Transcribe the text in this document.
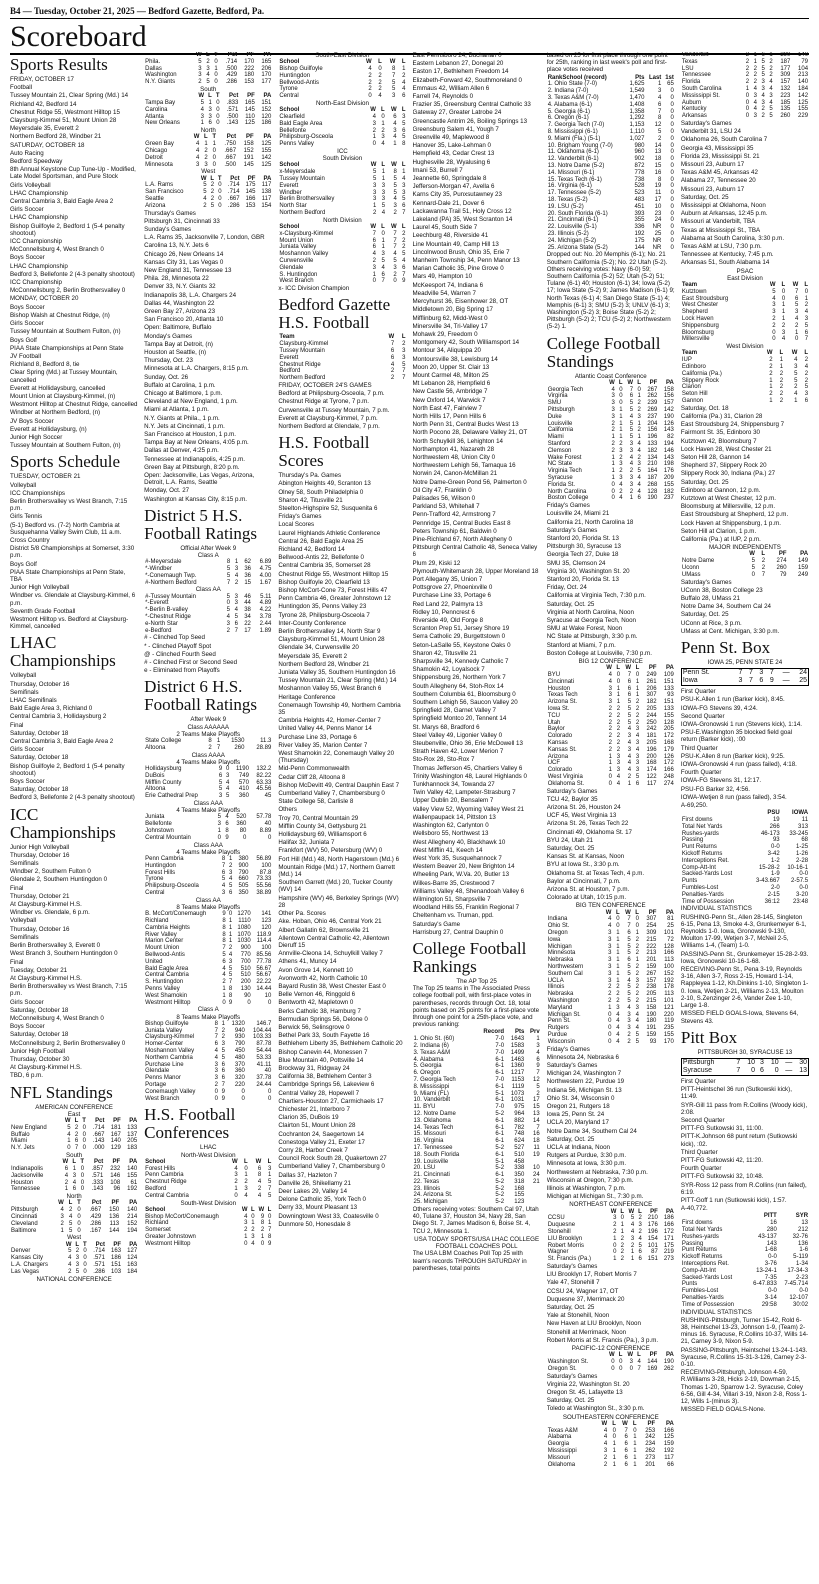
B4 — Tuesday, October 21, 2025 — Bedford Gazette, Bedford, Pa.
Scoreboard
Sports Results

FRIDAY, OCTOBER 17

Football

Tussey Mountain 21, Clear Spring (Md.) 14

Richland 42, Bedford 14

Chestnut Ridge 55, Westmont Hilltop 15

Claysburg-Kimmel 51, Mount Union 28

Meyersdale 35, Everett 2

Northern Bedford 28, Windber 21

SATURDAY, OCTOBER 18

Auto Racing

Bedford Speedway

8th Annual Keystone Cup Tune-Up - Modified, Late Model Sportsman, and Pure Stock

Girls Volleyball

LHAC Championship

Central Cambria 3, Bald Eagle Area 2

Girls Soccer

LHAC Championship

Bishop Guilfoyle 2, Bedford 1 (5-4 penalty shootout)

ICC Championship

McConnellsburg 4, West Branch 0

Boys Soccer

LHAC Championship

Bedford 3, Bellefonte 2 (4-3 penalty shootout)

ICC Championship

McConnellsburg 2, Berlin Brothersvalley 0

MONDAY, OCTOBER 20

Boys Soccer

Bishop Walsh at Chestnut Ridge, (n)

Girls Soccer

Tussey Mountain at Southern Fulton, (n)

Boys Golf

PIAA State Championships at Penn State

JV Football

Richland 8, Bedford 8, tie

Clear Spring (Md.) at Tussey Mountain, cancelled

Everett at Hollidaysburg, cancelled

Mount Union at Claysburg-Kimmel, (n)

Westmont Hilltop at Chestnut Ridge, cancelled

Windber at Northern Bedford, (n)

JV Boys Soccer

Everett at Hollidaysburg, (n)

Junior High Soccer

Tussey Mountain at Southern Fulton, (n)

Sports Schedule

TUESDAY, OCTOBER 21

Volleyball

ICC Championships

Berlin Brothersvalley vs West Branch, 7:15 p.m.

Girls Tennis

(5-1) Bedford vs. (7-2) North Cambria at Susquehanna Valley Swim Club, 11 a.m.

Cross Country

District 5/8 Championships at Somerset, 3:30 p.m.

Boys Golf

PIAA State Championships at Penn State, TBA

Junior High Volleyball

Windber vs. Glendale at Claysburg-Kimmel, 6 p.m.

Seventh Grade Football

Westmont Hilltop vs. Bedford at Claysburg-Kimmel, cancelled

LHAC Championships

Volleyball

Thursday, October 16

Semifinals

LHAC Semifinals

Bald Eagle Area 3, Richland 0

Central Cambria 3, Hollidaysburg 2

Final

Saturday, October 18

Central Cambria 3, Bald Eagle Area 2

Girls Soccer

Saturday, October 18

Bishop Guilfoyle 2, Bedford 1 (5-4 penalty shootout)

Boys Soccer

Saturday, October 18

Bedford 3, Bellefonte 2 (4-3 penalty shootout)

ICC Championships

Junior High Volleyball

Thursday, October 16

Semifinals

Windber 2, Southern Fulton 0

Glendale 2, Southern Huntingdon 0

Final

Thursday, October 21

At Claysburg-Kimmel H.S.

Windber vs. Glendale, 6 p.m.

Volleyball

Thursday, October 16

Semifinals

Berlin Brothersvalley 3, Everett 0

West Branch 3, Southern Huntingdon 0

Final

Tuesday, October 21

At Claysburg-Kimmel H.S.

Berlin Brothersvalley vs West Branch, 7:15 p.m.

Girls Soccer

Saturday, October 18

McConnellsburg 4, West Branch 0

Boys Soccer

Saturday, October 18

McConnellsburg 2, Berlin Brothersvalley 0

Junior High Football

Thursday, October 30

At Claysburg-Kimmel H.S.

TBD, 6 p.m.

NFL Standings
AMERICAN CONFERENCE
East
	W	L	T	Pct	PF	PA
New England	5	2	0	.714	181	133
Buffalo	4	2	0	.667	167	137
Miami	1	6	0	.143	140	205
N.Y. Jets	0	7	0	.000	129	183
South
	W	L	T	Pct	PF	PA
Indianapolis	6	1	0	.857	232	140
Jacksonville	4	3	0	.571	146	155
Houston	2	4	0	.333	108	61
Tennessee	1	6	0	.143	96	192
North
	W	L	T	Pct	PF	PA
Pittsburgh	4	2	0	.667	150	140
Cincinnati	3	4	0	.429	136	214
Cleveland	2	5	0	.286	113	152
Baltimore	1	5	0	.167	144	194
West
	W	L	T	Pct	PF	PA
Denver	5	2	0	.714	163	127
Kansas City	4	3	0	.571	186	124
L.A. Chargers	4	3	0	.571	151	163
Las Vegas	2	5	0	.286	103	184
NATIONAL CONFERENCE
	W	L	T	Pct	PF	PA
Phila.	5	2	0	.714	170	165
Dallas	3	3	1	.500	222	206
Washington	3	4	0	.429	180	170
N.Y. Giants	2	5	0	.286	153	177
South
	W	L	T	Pct	PF	PA
Tampa Bay	5	1	0	.833	165	151
Carolina	4	3	0	.571	145	152
Atlanta	3	3	0	.500	110	120
New Orleans	1	6	0	.143	125	186
North
	W	L	T	Pct	PF	PA
Green Bay	4	1	1	.750	158	125
Chicago	4	2	0	.667	152	155
Detroit	4	2	0	.667	191	142
Minnesota	3	3	0	.500	145	125
West
	W	L	T	Pct	PF	PA
L.A. Rams	5	2	0	.714	175	117
San Francisco	5	2	0	.714	145	138
Seattle	4	2	0	.667	166	117
Arizona	2	5	0	.286	153	154

Thursday's Games

Pittsburgh 31, Cincinnati 33

Sunday's Games

L.A. Rams 35, Jacksonville 7, London, GBR

Carolina 13, N.Y. Jets 6

Chicago 26, New Orleans 14

Kansas City 31, Las Vegas 0

New England 31, Tennessee 13

Phila. 28, Minnesota 22

Denver 33, N.Y. Giants 32

Indianapolis 38, L.A. Chargers 24

Dallas 44, Washington 22

Green Bay 27, Arizona 23

San Francisco 20, Atlanta 10

Open: Baltimore, Buffalo

Monday's Games

Tampa Bay at Detroit, (n)

Houston at Seattle, (n)

Thursday, Oct. 23

Minnesota at L.A. Chargers, 8:15 p.m.

Sunday, Oct. 26

Buffalo at Carolina, 1 p.m.

Chicago at Baltimore, 1 p.m.

Cleveland at New England, 1 p.m.

Miami at Atlanta, 1 p.m.

N.Y. Giants at Phila., 1 p.m.

N.Y. Jets at Cincinnati, 1 p.m.

San Francisco at Houston, 1 p.m.

Tampa Bay at New Orleans, 4:05 p.m.

Dallas at Denver, 4:25 p.m.

Tennessee at Indianapolis, 4:25 p.m.

Green Bay at Pittsburgh, 8:20 p.m.

Open: Jacksonville, Las Vegas, Arizona, Detroit, L.A. Rams, Seattle

Monday, Oct. 27

Washington at Kansas City, 8:15 p.m.

District 5 H.S. Football Ratings
Official After Week 9
Class A
#-Meyersdale	8	1	62	6.89
*-Windber	5	3	36	4.75
*-Conemaugh Twp.	5	4	36	4.00
#-Northern Bedford	7	2	15	1.67
Class AA
#-Tussey Mountain	5	3	46	5.11
*-Everett	0	3	44	4.89
*-Berlin B-valley	5	4	38	4.22
*-Chestnut Ridge	4	5	34	3.78
e-North Star	3	6	22	2.44
e-Bedford	2	7	17	1.89

# - Clinched Top Seed

* - Clinched Playoff Spot

@ - Clinched Fourth Seed

# - Clinched First or Second Seed

e - Eliminated from Playoffs

District 6 H.S. Football Ratings
After Week 9
Class AAAAAA
2 Teams Make Playoffs
State College	8	1	1530	11.3
Altoona	2	7	260	28.89
Class AAAA
4 Teams Make Playoffs
Hollidaysburg	9	0	1190	132.2
DuBois	6	3	749	82.22
Mifflin County	5	4	570	63.33
Altoona	5	4	410	45.56
Erie Cathedral Prep	3	5	360	45
Class AAA
4 Teams Make Playoffs
Juniata	5	4	520	57.78
Bellefonte	3	6	360	40
Johnstown	1	8	80	8.89
Central Mountain	0	9	0	0
Class AAA
4 Teams Make Playoffs
Penn Cambria	8	1	380	56.89
Huntingdon	7	2	900	100
Forest Hills	6	3	790	87.8
Tyrone	5	4	660	73.33
Philipsburg-Osceola	4	5	505	55.56
Central	3	6	350	38.89
Class AA
8 Teams Make Playoffs
B. McCort/Conemaugh	9	0	1270	141
Richland	8	1	1110	123
Cambria Heights	8	1	1080	120
River Valley	8	1	1070	118.9
Marion Center	8	1	1030	114.4
Mount Union	7	2	900	100
Bellwood-Antis	5	4	770	85.56
United	6	3	700	77.78
Bald Eagle Area	4	5	510	56.67
Central Cambria	4	5	510	56.67
S. Huntingdon	2	7	200	22.22
Penns Valley	1	8	130	14.44
West Shamokin	1	8	90	10
Westmont Hilltop	0	9	0	0
Class A
8 Teams Make Playoffs
Bishop Guilfoyle	8	1	1320	146.7
Juniata Valley	7	2	940	104.44
Claysburg-Kimmel	7	2	930	103.33
Homer-Center	6	3	790	87.78
Moshannon Valley	4	5	450	54.44
Northern Cambria	4	5	480	53.33
Purchase Line	3	6	370	41.11
Glendale	3	6	360	40
Penns Manor	3	6	320	37.78
Portage	2	7	220	24.44
Conemaugh Valley	0	9	0	0
West Branch	0	9	0	0
H.S. Football Conferences
LHAC
North-West Division
School	W	L	W	L
Forest Hills	4	0	6	3
Penn Cambria	3	1	8	1
Chestnut Ridge	2	2	4	5
Bedford	1	3	2	7
Central Cambria	0	4	4	5
South-West Division
School	W	L	W	L
Bishop McCort/Conemaugh	4	0	9	0
Richland	3	1	8	1
Somerset	2	2	2	7
Greater Johnstown	1	3	1	8
Westmont Hilltop	0	4	0	9
South-East Division
School	W	L	W	L
Bishop Guilfoyle	4	0	8	1
Huntingdon	2	2	7	2
Bellwood-Antis	2	2	5	4
Tyrone	2	2	5	4
Central	0	4	3	6
North-East Division
School	W	L	W	L
Clearfield	4	0	6	3
Bald Eagle Area	3	1	4	5
Bellefonte	2	2	3	6
Philipsburg-Osceola	1	3	4	5
Penns Valley	0	4	1	8
ICC
South Division
School	W	L	W	L
x-Meyersdale	5	1	8	1
Tussey Mountain	5	1	5	4
Everett	3	3	5	3
Windber	3	3	5	3
Berlin Brothersvalley	3	3	4	5
North Star	1	5	3	6
Northern Bedford	2	4	2	7
North Division
School	W	L	W	L
x-Claysburg-Kimmel	7	0	7	2
Mount Union	6	1	7	2
Juniata Valley	6	1	7	2
Moshannon Valley	4	3	4	5
Curwensville	2	5	5	4
Glendale	3	4	3	6
S. Huntingdon	1	6	2	7
West Branch	0	7	0	9
x- ICC Division Champion
Bedford Gazette H.S. Football
Team	W	L
Claysburg-Kimmel	7	2
Tussey Mountain	6	3
Everett	6	3
Chestnut Ridge	4	5
Bedford	2	7
Northern Bedford	2	7

FRIDAY, OCTOBER 24'S GAMES

Bedford at Philipsburg-Osceola, 7 p.m.

Chestnut Ridge at Tyrone, 7 p.m.

Curwensville at Tussey Mountain, 7 p.m.

Everett at Claysburg-Kimmel, 7 p.m.

Northern Bedford at Glendale, 7 p.m.

H.S. Football Scores

Thursday's Pa. Games

Abington Heights 49, Scranton 13

Olney 58, South Philadelphia 0

Sharon 42, Titusville 21

Steelton-Highspire 52, Susquenita 6

Friday's Games

Local Scores

Laurel Highlands Athletic Conference

Central 26, Bald Eagle Area 25

Richland 42, Bedford 14

Bellwood-Antis 22, Bellefonte 0

Central Cambria 35, Somerset 28

Chestnut Ridge 55, Westmont Hilltop 15

Bishop Guilfoyle 20, Clearfield 13

Bishop McCort-Cone 73, Forest Hills 47

Penn Cambria 46, Greater Johnstown 12

Huntingdon 35, Penns Valley 23

Tyrone 28, Philipsburg-Osceola 7

Inter-County Conference

Berlin Brothersvalley 14, North Star 9

Claysburg-Kimmel 51, Mount Union 28

Glendale 34, Curwensville 20

Meyersdale 35, Everett 2

Northern Bedford 28, Windber 21

Juniata Valley 35, Southern Huntingdon 16

Tussey Mountain 21, Clear Spring (Md.) 14

Moshannon Valley 55, West Branch 6

Heritage Conference

Conemaugh Township 49, Northern Cambria 35

Cambria Heights 42, Homer-Center 7

United Valley 44, Penns Manor 14

Purchase Line 33, Portage 6

River Valley 35, Marion Center 7

West Shamokin 22, Conemaugh Valley 20 (Thursday)

Mid-Penn Commonwealth

Cedar Cliff 28, Altoona 8

Bishop McDevitt 49, Central Dauphin East 7

Cumberland Valley 7, Chambersburg 0

State College 58, Carlisle 8

Others

Troy 70, Central Mountain 29

Mifflin County 34, Gettysburg 21

Hollidaysburg 69, Williamsport 6

Halifax 32, Juniata 7

Frankfort (WV) 50, Petersburg (WV) 0

Fort Hill (Md.) 48, North Hagerstown (Md.) 6

Mountain Ridge (Md.) 17, Northern Garrett (Md.) 14

Southern Garrett (Md.) 20, Tucker County (WV) 14

Hampshire (WV) 46, Berkeley Springs (WV) 28

Other Pa. Scores

Ake. Hoban, Ohio 46, Central York 21

Albert Gallatin 62, Brownsville 21

Allentown Central Catholic 42, Allentown Dieruff 15

Annville-Cleona 14, Schuylkill Valley 7

Athens 41, Muncy 14

Avon Grove 14, Kennett 10

Avonworth 42, North Catholic 10

Bayard Rustin 38, West Chester East 0

Belle Vernon 46, Ringgold 6

Bentworth 42, Mapletown 0

Berks Catholic 38, Hamburg 7

Bermudian Springs 56, Delone 0

Berwick 56, Selinsgrove 0

Bethel Park 33, South Fayette 16

Bethlehem Liberty 35, Bethlehem Catholic 20

Bishop Canevin 44, Monessen 7

Blue Mountain 40, Pottsville 14

Brockway 31, Ridgway 24

California 38, Bethlehem Center 3

Cambridge Springs 56, Lakeview 6

Central Valley 28, Hopewell 7

Chartiers-Houston 27, Carmichaels 17

Chichester 21, Interboro 7

Clarion 35, DuBois 19

Clairton 51, Mount Union 28

Cochranton 24, Saegertown 14

Conestoga Valley 21, Exeter 17

Corry 28, Harbor Creek 7

Council Rock South 28, Quakertown 27

Cumberland Valley 7, Chambersburg 0

Dallas 37, Hazleton 7

Danville 26, Shikellamy 21

Deer Lakes 29, Valley 14

Delone Catholic 35, York Tech 0

Derry 33, Mount Pleasant 13

Downingtown West 33, Coatesville 0

Dunmore 50, Honesdale 8

East Pennsboro 24, Buchanan 0

Eastern Lebanon 27, Donegal 20

Easton 17, Bethlehem Freedom 14

Elizabeth-Forward 42, Southmoreland 0

Emmaus 42, William Allen 6

Farrell 74, Reynolds 0

Frazier 35, Greensburg Central Catholic 33

Gateway 27, Greater Latrobe 24

Greencastle Antrim 26, Boiling Springs 13

Greensburg Salem 41, Yough 7

Greenville 49, Maplewood 8

Hanover 35, Lake-Lehman 0

Hempfield 43, Cedar Crest 13

Hughesville 28, Wyalusing 6

Imani 53, Burrell 7

Jeannette 60, Springdale 8

Jefferson-Morgan 47, Avella 6

Karns City 35, Punxsutawney 23

Kennard-Dale 21, Dover 6

Lackawanna Trail 51, Holy Cross 12

Lakeland (PA) 35, West Scranton 14

Laurel 45, South Side 7

Leechburg 48, Riverside 41

Line Mountain 49, Camp Hill 13

Lincolnwood Brush, Ohio 35, Erie 7

Manheim Township 34, Penn Manor 13

Marian Catholic 35, Pine Grove 0

Mars 49, Hampton 10

McKeesport 74, Indiana 6

Meadville 54, Warren 7

Mercyhurst 36, Eisenhower 28, OT

Middletown 20, Big Spring 17

Mifflinburg 62, Midd-West 0

Minersville 34, Tri-Valley 17

Mohawk 29, Freedom 0

Montgomery 42, South Williamsport 14

Montour 34, Aliquippa 20

Montoursville 38, Lewisburg 14

Moon 20, Upper St. Clair 13

Mount Carmel 48, Milton 25

Mt Lebanon 28, Hempfield 6

New Castle 56, Ambridge 7

New Oxford 14, Warwick 7

North East 47, Fairview 7

North Hills 17, Penn Hills 6

North Penn 31, Central Bucks West 13

North Pocono 28, Delaware Valley 21, OT

North Schuylkill 36, Lehighton 14

Northampton 41, Nazareth 28

Northwestern 48, Union City 0

Northwestern Lehigh 56, Tamaqua 16

Norwin 24, Canon-McMillan 21

Notre Dame-Green Pond 56, Palmerton 0

Oil City 47, Franklin 0

Palisades 56, Wilson 0

Parkland 53, Whitehall 7

Penn-Trafford 42, Armstrong 7

Pennridge 15, Central Bucks East 8

Peters Township 61, Baldwin 0

Pine-Richland 67, North Allegheny 0

Pittsburgh Central Catholic 48, Seneca Valley 6

Plum 29, Kiski 12

Plymouth-Whitemarsh 28, Upper Moreland 18

Port Allegany 35, Union 7

Pottsgrove 27, Phoenixville 0

Purchase Line 33, Portage 6

Red Land 22, Palmyra 13

Ridley 10, Penncrest 6

Riverside 49, Old Forge 8

Scranton Prep 51, Jersey Shore 19

Serra Catholic 29, Burgettstown 0

Seton-LaSalle 55, Keystone Oaks 0

Sharon 42, Titusville 21

Sharpsville 34, Kennedy Catholic 7

Shamokin 42, Loyalsock 7

Shippensburg 26, Northern York 7

South Allegheny 64, Stoh-Rox 14

Southern Columbia 61, Bloomsburg 0

Southern Lehigh 56, Saucon Valley 20

Springfield 28, Garnet Valley 7

Springfield Montco 20, Tennent 14

St. Marys 68, Bradford 6

Steel Valley 49, Ligonier Valley 0

Steubenville, Ohio 36, Erie McDowell 13

Strath Haven 42, Lower Merion 7

Sto-Rox 28, Sto-Rox 7

Thomas Jefferson 45, Chartiers Valley 6

Trinity Washington 48, Laurel Highlands 0

Tunkhannock 34, Towanda 27

Twin Valley 42, Lampeter-Strasburg 7

Upper Dublin 20, Bensalem 7

Valley View 52, Wyoming Valley West 21

Wallenpaupack 14, Pittston 13

Washington 62, Carlynton 0

Wellsboro 55, Northwest 13

West Allegheny 40, Blackhawk 10

West Mifflin 41, Keech 14

West York 35, Susquehannock 7

Western Beaver 20, New Brighton 14

Wheeling Park, W.Va. 20, Butler 13

Wilkes-Barre 35, Crestwood 7

Williams Valley 48, Shenandoah Valley 6

Wilmington 51, Sharpsville 7

Woodland Hills 55, Franklin Regional 7

Cheltenham vs. Truman, ppd.

Saturday's Game

Harrisburg 27, Central Dauphin 0

College Football Rankings
The AP Top 25

The Top 25 teams in The Associated Press college football poll, with first-place votes in parentheses, records through Oct. 18, total points based on 25 points for a first-place vote through one point for a 25th-place vote, and previous ranking:

	Record	Pts	Prv
1. Ohio St. (60)	7-0	1643	1
2. Indiana (6)	7-0	1583	3
3. Texas A&M	7-0	1499	4
4. Alabama	6-1	1463	6
5. Georgia	6-1	1360	9
6. Oregon	6-1	1217	7
7. Georgia Tech	7-0	1153	12
8. Mississippi	6-1	1119	5
9. Miami (FL)	5-1	1073	2
10. Vanderbilt	6-1	1031	17
11. BYU	7-0	975	15
12. Notre Dame	5-2	964	13
13. Oklahoma	6-1	882	14
14. Texas Tech	6-1	782	7
15. Missouri	6-1	748	16
16. Virginia	6-1	624	18
17. Tennessee	5-2	527	11
18. South Florida	6-1	510	19
19. Louisville	5-1	458	
20. LSU	5-2	338	10
21. Cincinnati	6-1	350	24
22. Texas	5-2	318	21
23. Illinois	5-2	168	
24. Arizona St.	5-2	155	
25. Michigan	5-2	123	

Others receiving votes: Southern Cal 97, Utah 40, Tulane 37, Houston 34, Navy 28, San Diego St. 7, James Madison 6, Boise St. 4, TCU 2, Minnesota 1.

USA TODAY SPORTS/USA LHAC COLLEGE FOOTBALL COACHES POLL

The USA LBM Coaches Poll Top 25 with team's records THROUGH SATURDAY in parentheses, total points

based on 25 for first place through one point for 25th, ranking in last week's poll and first-place votes received

RankSchool (record)	Pts	Last	1st
1. Ohio State (7-0)	1,625	1	65
2. Indiana (7-0)	1,549	3	0
3. Texas A&M (7-0)	1,470	4	0
4. Alabama (6-1)	1,408	6	0
5. Georgia (6-1)	1,358	7	0
6. Oregon (6-1)	1,292	8	0
7. Georgia Tech (7-0)	1,153	12	0
8. Mississippi (6-1)	1,110	5	0
9. Miami (Fla.) (5-1)	1,027	2	0
10. Brigham Young (7-0)	980	14	0
11. Oklahoma (6-1)	960	13	0
12. Vanderbilt (6-1)	902	18	0
13. Notre Dame (5-2)	872	15	0
14. Missouri (6-1)	778	16	0
15. Texas Tech (6-1)	738	8	0
16. Virginia (6-1)	528	19	0
17. Tennessee (5-2)	523	11	0
18. Texas (5-2)	483	17	0
19. LSU (5-2)	451	10	0
20. South Florida (6-1)	393	23	0
21. Cincinnati (6-1)	355	24	0
22. Louisville (5-1)	336	NR	0
23. Illinois (5-2)	192	25	0
24. Michigan (5-2)	175	NR	0
25. Arizona State (5-2)	144	NR	0

Dropped out: No. 20 Memphis (6-1); No. 21 Southern California (5-2); No. 22 Utah (5-2). Others receiving votes: Navy (6-0) 59; Southern California (5-2) 52; Utah (5-2) 51; Tulane (6-1) 40; Houston (6-1) 34; Iowa (5-2) 17; Iowa State (5-2) 9; James Madison (6-1) 9; North Texas (6-1) 4; San Diego State (5-1) 4; Memphis (6-1) 3; SMU (5-2) 3; UNLV (6-1) 3; Washington (5-2) 3; Boise State (5-2) 2; Pittsburgh (5-2) 2; TCU (5-2) 2; Northwestern (5-2) 1.

College Football Standings
Atlantic Coast Conference
	W	L	W	L	PF	PA
Georgia Tech	4	0	7	0	267	158
Virginia	3	0	6	1	262	156
SMU	3	0	5	2	239	157
Pittsburgh	3	1	5	2	269	142
Duke	3	1	4	3	237	190
Louisville	2	1	5	1	204	126
California	2	1	5	2	156	143
Miami	1	1	5	1	196	82
Stanford	2	2	3	4	133	194
Clemson	2	3	3	4	182	146
Wake Forest	1	2	4	2	134	143
NC State	1	3	4	3	210	198
Virginia Tech	1	2	2	5	164	176
Syracuse	1	3	3	4	187	209
Florida St.	0	4	3	4	268	155
North Carolina	0	2	2	4	128	182
Boston College	0	4	1	6	190	237

Friday's Games

Louisville 24, Miami 21

California 21, North Carolina 18

Saturday's Games

Stanford 20, Florida St. 13

Pittsburgh 30, Syracuse 13

Georgia Tech 27, Duke 18

SMU 35, Clemson 24

Virginia 30, Washington St. 20

Stanford 20, Florida St. 13

Friday, Oct. 24

California at Virginia Tech, 7:30 p.m.

Saturday, Oct. 25

Virginia at North Carolina, Noon

Syracuse at Georgia Tech, Noon

SMU at Wake Forest, Noon

NC State at Pittsburgh, 3:30 p.m.

Stanford at Miami, 7 p.m.

Boston College at Louisville, 7:30 p.m.

BIG 12 CONFERENCE
	W	L	W	L	PF	PA
BYU	4	0	7	0	249	109
Cincinnati	4	0	6	1	261	151
Houston	3	1	6	1	206	133
Texas Tech	3	1	6	1	307	93
Arizona St.	3	1	5	2	182	151
Iowa St.	2	2	5	2	205	133
TCU	2	2	5	2	244	155
Utah	2	2	5	2	250	128
Baylor	2	2	4	3	242	205
Colorado	2	2	3	4	181	172
Kansas	2	2	4	3	205	168
Kansas St.	2	2	3	4	196	179
Arizona	1	3	4	3	200	126
UCF	1	3	4	3	168	172
Colorado	1	3	4	3	174	166
West Virginia	0	4	2	5	122	248
Oklahoma St.	0	4	1	6	117	274

Saturday's Games

TCU 42, Baylor 35

Arizona St. 26, Houston 24

UCF 45, West Virginia 13

Arizona St. 26, Texas Tech 22

Cincinnati 49, Oklahoma St. 17

BYU 24, Utah 21

Saturday, Oct. 25

Kansas St. at Kansas, Noon

BYU at Iowa St., 3:30 p.m.

Oklahoma St. at Texas Tech, 4 p.m.

Baylor at Cincinnati, 7 p.m.

Arizona St. at Houston, 7 p.m.

Colorado at Utah, 10:15 p.m.

BIG TEN CONFERENCE
	W	L	W	L	PF	PA
Indiana	4	0	7	0	307	81
Ohio St.	4	0	7	0	254	25
Oregon	3	1	6	1	309	101
Iowa	3	1	5	2	215	72
Michigan	3	1	5	2	222	128
Minnesota	3	1	5	2	213	166
Nebraska	3	1	6	1	201	113
Northwestern	3	1	5	2	159	100
Southern Cal	3	1	5	2	267	152
UCLA	3	1	4	3	157	192
Illinois	2	2	5	2	238	178
Nebraska	2	2	5	2	205	113
Washington	2	2	5	2	215	101
Maryland	1	3	4	3	158	121
Michigan St.	0	4	3	4	190	220
Penn St.	0	4	3	4	180	119
Rutgers	0	4	3	4	191	235
Purdue	0	4	2	5	159	155
Wisconsin	0	4	2	5	93	170

Friday's Games

Minnesota 24, Nebraska 6

Saturday's Games

Michigan 24, Washington 7

Northwestern 22, Purdue 19

Indiana 56, Michigan St. 13

Ohio St. 34, Wisconsin 0

Oregon 21, Rutgers 18

Iowa 25, Penn St. 24

UCLA 20, Maryland 17

Notre Dame 34, Southern Cal 24

Saturday, Oct. 25

UCLA at Indiana, Noon

Rutgers at Purdue, 3:30 p.m.

Minnesota at Iowa, 3:30 p.m.

Northwestern at Nebraska, 7:30 p.m.

Wisconsin at Oregon, 7:30 p.m.

Illinois at Washington, 7 p.m.

Michigan at Michigan St., 7:30 p.m.

NORTHEAST CONFERENCE
	W	L	W	L	PF	PA
CCSU	3	0	5	2	210	186
Duquesne	2	1	4	3	176	166
Stonehill	2	1	4	2	196	172
LIU Brooklyn	1	2	3	4	154	171
Robert Morris	0	2	2	5	101	175
Wagner	0	2	1	6	87	219
St. Francis (Pa.)	1	2	1	6	151	273

Saturday's Games

LIU Brooklyn 17, Robert Morris 7

Yale 47, Stonehill 7

CCSU 24, Wagner 17, OT

Duquesne 37, Merrimack 20

Saturday, Oct. 25

Yale at Stonehill, Noon

New Haven at LIU Brooklyn, Noon

Stonehill at Merrimack, Noon

Robert Morris at St. Francis (Pa.), 3 p.m.

PACIFIC-12 CONFERENCE
	W	L	W	L	PF	PA
Washington St.	0	0	3	4	144	190
Oregon St.	0	0	0	7	169	262

Saturday's Games

Virginia 22, Washington St. 20

Oregon St. 45, Lafayette 13

Saturday, Oct. 25

Toledo at Washington St., 3:30 p.m.

SOUTHEASTERN CONFERENCE
	W	L	W	L	PF	PA
Texas A&M	4	0	7	0	253	166
Alabama	4	0	6	1	242	125
Georgia	4	1	6	1	234	159
Mississippi	3	1	6	1	262	192
Missouri	2	1	6	1	273	117
Oklahoma	2	1	6	1	201	66
Vanderbilt	2	1	6	1	290	140
Texas	2	1	5	2	187	79
LSU	2	2	5	2	177	104
Tennessee	2	2	5	2	309	213
Florida	2	2	3	4	157	140
South Carolina	1	4	3	4	132	184
Mississippi St.	0	3	4	3	223	142
Auburn	0	4	3	4	185	125
Kentucky	0	4	2	5	135	155
Arkansas	0	3	2	5	260	229

Saturday's Games

Vanderbilt 31, LSU 24

Oklahoma 26, South Carolina 7

Georgia 43, Mississippi 35

Florida 23, Mississippi St. 21

Missouri 23, Auburn 17

Texas A&M 45, Arkansas 42

Alabama 27, Tennessee 20

Missouri 23, Auburn 17

Saturday, Oct. 25

Mississippi at Oklahoma, Noon

Auburn at Arkansas, 12:45 p.m.

Missouri at Vanderbilt, TBA

Texas at Mississippi St., TBA

Alabama at South Carolina, 3:30 p.m.

Texas A&M at LSU, 7:30 p.m.

Tennessee at Kentucky, 7:45 p.m.

Arkansas 51, South Alabama 14

PSAC
East Division
Team	W	L	W	L
Kutztown	5	0	7	0
East Stroudsburg	4	0	6	1
West Chester	3	1	5	2
Shepherd	3	1	3	4
Lock Haven	2	1	4	3
Shippensburg	2	2	2	5
Bloomsburg	0	3	1	6
Millersville	0	4	0	7
West Division
Team	W	L	W	L
IUP	2	1	4	2
Edinboro	2	1	3	4
California (Pa.)	2	2	5	2
Slippery Rock	1	2	5	2
Clarion	1	2	2	5
Seton Hill	2	2	4	3
Gannon	1	2	1	6

Saturday, Oct. 18

California (Pa.) 31, Clarion 28

East Stroudsburg 24, Shippensburg 7

Fairmont St. 35, Edinboro 30

Kutztown 42, Bloomsburg 7

Lock Haven 28, West Chester 21

Seton Hill 28, Gannon 14

Shepherd 37, Slippery Rock 20

Slippery Rock 30, Indiana (Pa.) 27

Saturday, Oct. 25

Edinboro at Gannon, 12 p.m.

Kutztown at West Chester, 12 p.m.

Bloomsburg at Millersville, 12 p.m.

East Stroudsburg at Shepherd, 12 p.m.

Lock Haven at Shippensburg, 1 p.m.

Seton Hill at Clarion, 1 p.m.

California (Pa.) at IUP, 2 p.m.

MAJOR INDEPENDENTS
	W	L	PF	PA
Notre Dame	5	2	274	149
Uconn	5	2	260	159
UMass	0	7	79	249

Saturday's Games

UConn 38, Boston College 23

Buffalo 28, UMass 21

Notre Dame 34, Southern Cal 24

Saturday, Oct. 25

UConn at Rice, 3 p.m.

UMass at Cent. Michigan, 3:30 p.m.

Penn St. Box
IOWA 25, PENN STATE 24
Penn St.	7	7	3	7	—	24
Iowa	3	7	6	9	—	25

First Quarter

PSU-K.Allen 1 run (Barker kick), 8:45.

IOWA-FG Stevens 39, 4:24.

Second Quarter

IOWA-Gronowski 1 run (Stevens kick), 1:14.

PSU-E.Washington 35 blocked field goal return (Barker kick), :00

Third Quarter

PSU-K.Allen 8 run (Barker kick), 9:25.

IOWA-Gronowski 4 run (pass failed), 4:18.

Fourth Quarter

IOWA-FG Stevens 31, 12:17.

PSU-FG Barker 32, 4:56.

IOWA-Wetjen 8 run (pass failed), 3:54.

A-69,250.

	PSU	IOWA
First downs	19	11
Total Net Yards	266	313
Rushes-yards	46-173	33-245
Passing	93	68
Punt Returns	0-0	1-25
Kickoff Returns	3-42	1-26
Interceptions Ret.	1-2	2-28
Comp-Att-Int	15-28-2	10-16-1
Sacked-Yards Lost	1-9	0-0
Punts	3-43.667	2-57.5
Fumbles-Lost	2-0	0-0
Penalties-Yards	2-15	3-20
Time of Possession	36:12	23:48

INDIVIDUAL STATISTICS

RUSHING-Penn St., Allen 28-145, Singleton 6-15, Pena 13, Smoke 4-3, Grunkemeyer 6-1, Reynolds 1-0. Iowa, Gronowski 9-130, Moulton 17-99, Wetjen 3-7, McNeil 2-5, Williams 1-4, (Team) 1-0.

PASSING-Penn St., Grunkemeyer 15-28-2-93. Iowa, Gronowski 10-16-1-68.

RECEIVING-Penn St., Pena 3-19, Reynolds 3-16, Allen 3-7, Ross 2-15, Howard 1-14, Rappleyea 1-12, Kh.Dinkins 1-10, Singleton 1-0. Iowa, Wetjen 2-21, Williams 2-13, Moulton 2-10, S.Zenzinger 2-6, Vander Zee 1-10, Large 1-8.

MISSED FIELD GOALS-Iowa, Stevens 64, Stevens 43.

Pitt Box
PITTSBURGH 30, SYRACUSE 13
Pittsburgh	7	10	3	10	—	30
Syracuse	7	0	6	0	—	13

First Quarter

PITT-Heintschel 36 run (Sutkowski kick), 11:49.

SYR-Gill 11 pass from R.Collins (Woody kick), 2:08.

Second Quarter

PITT-FG Sutkowski 31, 11:00.

PITT-K.Johnson 68 punt return (Sutkowski kick), :02.

Third Quarter

PITT-FG Sutkowski 42, 11:20.

Fourth Quarter

PITT-FG Sutkowski 32, 10:48.

SYR-Ross 12 pass from R.Collins (run failed), 6:19.

PITT-Goff 1 run (Sutkowski kick), 1:57.

A-40,772.

	PITT	SYR
First downs	16	13
Total Net Yards	280	212
Rushes-yards	43-137	32-76
Passing	143	136
Punt Returns	1-68	1-6
Kickoff Returns	0-0	5-119
Interceptions Ret.	3-76	1-34
Comp-Att-Int	13-24-1	17-34-3
Sacked-Yards Lost	7-35	2-23
Punts	6-47.833	7-45.714
Fumbles-Lost	0-0	0-0
Penalties-Yards	3-14	12-107
Time of Possession	29:58	30:02

INDIVIDUAL STATISTICS

RUSHING-Pittsburgh, Turner 15-42, Rold 6-38, Heintschel 13-23, Johnson 1-9, (Team) 2-minus 16. Syracuse, R.Collins 10-37, Wills 14-21, Carney 3-9, Nixon 5-9.

PASSING-Pittsburgh, Heintschel 13-24-1-143. Syracuse, R.Collins 15-31-3-126, Carney 2-3-0-10.

RECEIVING-Pittsburgh, Johnson 4-59, R.Williams 3-28, Hicks 2-19, Dowman 2-15, Thomas 1-20, Sparrow 1-2. Syracuse, Coley 6-56, Gill 4-34, Villari 3-19, Nixon 2-8, Ross 1-12, Wills 1-(minus 3).

MISSED FIELD GOALS-None.
